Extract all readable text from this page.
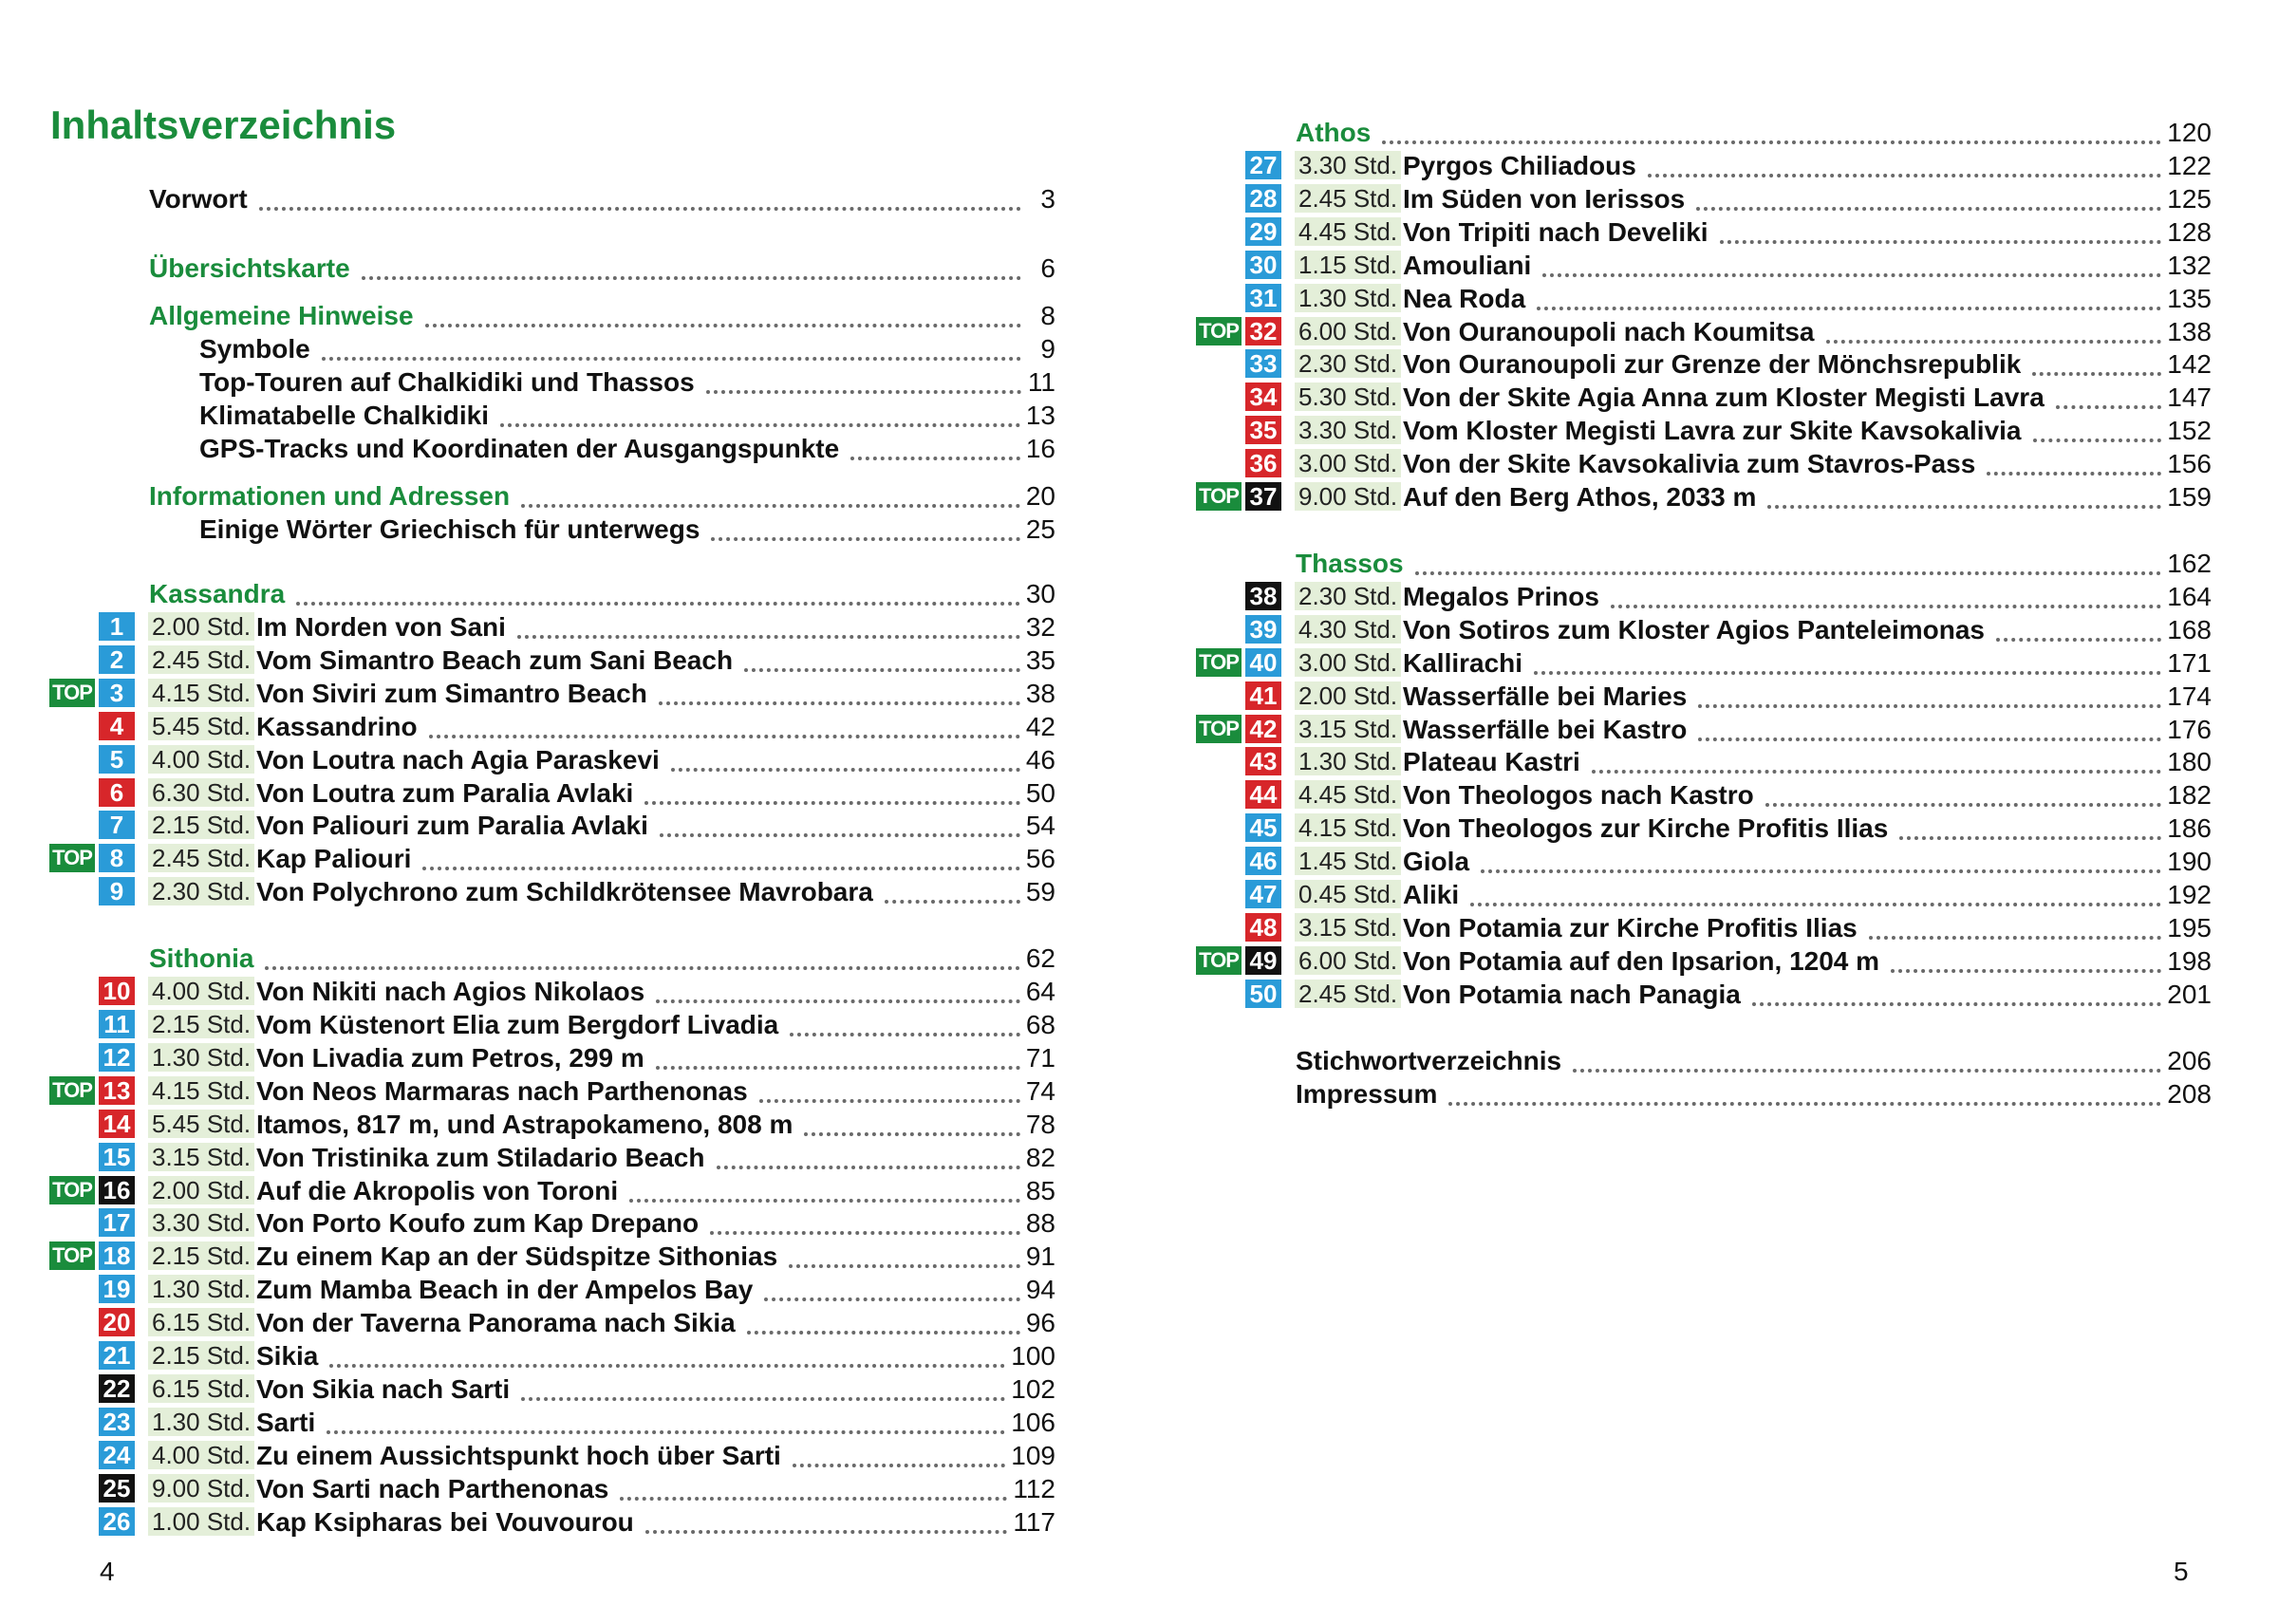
Inhaltsverzeichnis
Vorwort	3
Übersichtskarte	6
Allgemeine Hinweise	8
Symbole	9
Top-Touren auf Chalkidiki und Thassos	11
Klimatabelle Chalkidiki	13
GPS-Tracks und Koordinaten der Ausgangspunkte	16
Informationen und Adressen	20
Einige Wörter Griechisch für unterwegs	25
Kassandra	30
1	2.00 Std. Im Norden von Sani	32
2	2.45 Std. Vom Simantro Beach zum Sani Beach	35
TOP 3	4.15 Std. Von Siviri zum Simantro Beach	38
4	5.45 Std. Kassandrino	42
5	4.00 Std. Von Loutra nach Agia Paraskevi	46
6	6.30 Std. Von Loutra zum Paralia Avlaki	50
7	2.15 Std. Von Paliouri zum Paralia Avlaki	54
TOP 8	2.45 Std. Kap Paliouri	56
9	2.30 Std. Von Polychrono zum Schildkrötensee Mavrobara	59
Sithonia	62
10 4.00 Std. Von Nikiti nach Agios Nikolaos	64
11 2.15 Std. Vom Küstenort Elia zum Bergdorf Livadia	68
12 1.30 Std. Von Livadia zum Petros, 299 m	71
TOP 13 4.15 Std. Von Neos Marmaras nach Parthenonas	74
14 5.45 Std. Itamos, 817 m, und Astrapokameno, 808 m	78
15 3.15 Std. Von Tristinika zum Stiladario Beach	82
TOP 16 2.00 Std. Auf die Akropolis von Toroni	85
17 3.30 Std. Von Porto Koufo zum Kap Drepano	88
TOP 18 2.15 Std. Zu einem Kap an der Südspitze Sithonias	91
19 1.30 Std. Zum Mamba Beach in der Ampelos Bay	94
20 6.15 Std. Von der Taverna Panorama nach Sikia	96
21 2.15 Std. Sikia	100
22 6.15 Std. Von Sikia nach Sarti	102
23 1.30 Std. Sarti	106
24 4.00 Std. Zu einem Aussichtspunkt hoch über Sarti	109
25 9.00 Std. Von Sarti nach Parthenonas	112
26 1.00 Std. Kap Ksipharas bei Vouvourou	117
Athos	120
27 3.30 Std. Pyrgos Chiliadous	122
28 2.45 Std. Im Süden von Ierissos	125
29 4.45 Std. Von Tripiti nach Develiki	128
30 1.15 Std. Amouliani	132
31 1.30 Std. Nea Roda	135
TOP 32 6.00 Std. Von Ouranoupoli nach Koumitsa	138
33 2.30 Std. Von Ouranoupoli zur Grenze der Mönchsrepublik	142
34 5.30 Std. Von der Skite Agia Anna zum Kloster Megisti Lavra	147
35 3.30 Std. Vom Kloster Megisti Lavra zur Skite Kavsokalivia	152
36 3.00 Std. Von der Skite Kavsokalivia zum Stavros-Pass	156
TOP 37 9.00 Std. Auf den Berg Athos, 2033 m	159
Thassos	162
38 2.30 Std. Megalos Prinos	164
39 4.30 Std. Von Sotiros zum Kloster Agios Panteleimonas	168
TOP 40 3.00 Std. Kallirachi	171
41 2.00 Std. Wasserfälle bei Maries	174
TOP 42 3.15 Std. Wasserfälle bei Kastro	176
43 1.30 Std. Plateau Kastri	180
44 4.45 Std. Von Theologos nach Kastro	182
45 4.15 Std. Von Theologos zur Kirche Profitis Ilias	186
46 1.45 Std. Giola	190
47 0.45 Std. Aliki	192
48 3.15 Std. Von Potamia zur Kirche Profitis Ilias	195
TOP 49 6.00 Std. Von Potamia auf den Ipsarion, 1204 m	198
50 2.45 Std. Von Potamia nach Panagia	201
Stichwortverzeichnis	206
Impressum	208
4	5
